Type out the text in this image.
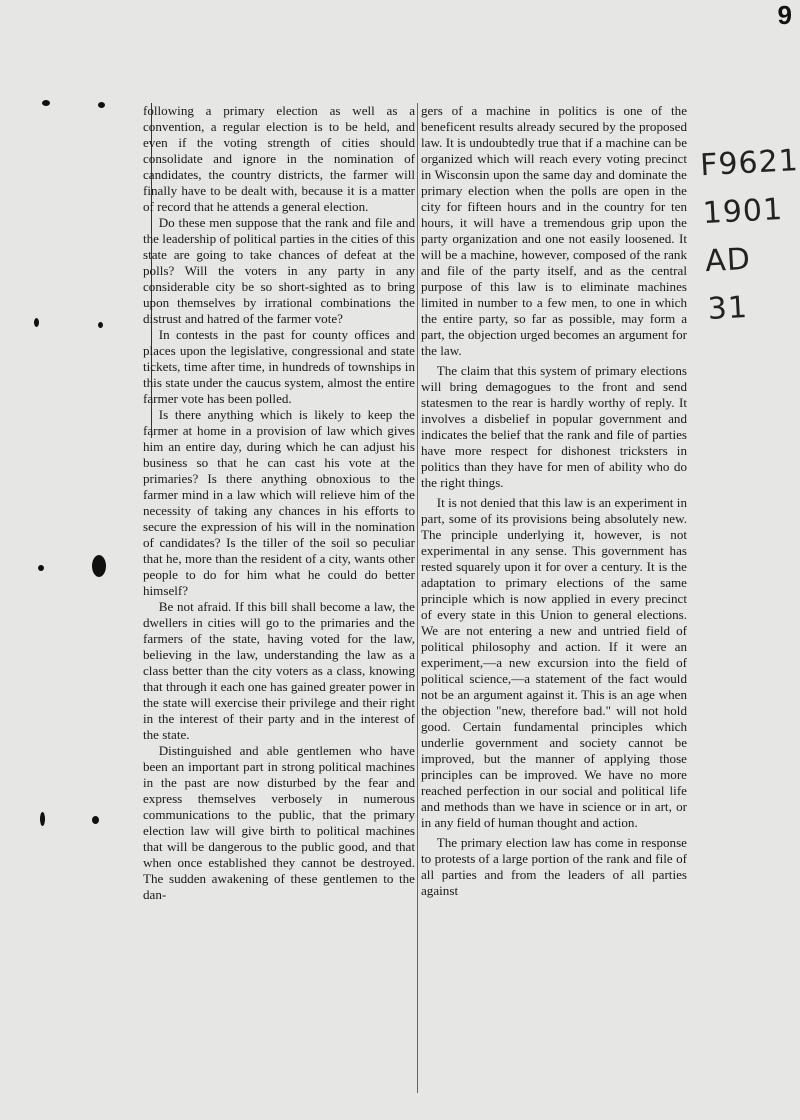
9
F9621
1901
AD
31

following a primary election as well as a convention, a regular election is to be held, and even if the voting strength of cities should consolidate and ignore in the nomination of candidates, the country districts, the farmer will finally have to be dealt with, because it is a matter of record that he attends a general election.

Do these men suppose that the rank and file and the leadership of political parties in the cities of this state are going to take chances of defeat at the polls? Will the voters in any party in any considerable city be so short-sighted as to bring upon themselves by irrational combinations the distrust and hatred of the farmer vote?

In contests in the past for county offices and places upon the legislative, congressional and state tickets, time after time, in hundreds of townships in this state under the caucus system, almost the entire farmer vote has been polled.

Is there anything which is likely to keep the farmer at home in a provision of law which gives him an entire day, during which he can adjust his business so that he can cast his vote at the primaries? Is there anything obnoxious to the farmer mind in a law which will relieve him of the necessity of taking any chances in his efforts to secure the expression of his will in the nomination of candidates? Is the tiller of the soil so peculiar that he, more than the resident of a city, wants other people to do for him what he could do better himself?

Be not afraid. If this bill shall become a law, the dwellers in cities will go to the primaries and the farmers of the state, having voted for the law, believing in the law, understanding the law as a class better than the city voters as a class, knowing that through it each one has gained greater power in the state will exercise their privilege and their right in the interest of their party and in the interest of the state.

Distinguished and able gentlemen who have been an important part in strong political machines in the past are now disturbed by the fear and express themselves verbosely in numerous communications to the public, that the primary election law will give birth to political machines that will be dangerous to the public good, and that when once established they cannot be destroyed. The sudden awakening of these gentlemen to the dan-

gers of a machine in politics is one of the beneficent results already secured by the proposed law. It is undoubtedly true that if a machine can be organized which will reach every voting precinct in Wisconsin upon the same day and dominate the primary election when the polls are open in the city for fifteen hours and in the country for ten hours, it will have a tremendous grip upon the party organization and one not easily loosened. It will be a machine, however, composed of the rank and file of the party itself, and as the central purpose of this law is to eliminate machines limited in number to a few men, to one in which the entire party, so far as possible, may form a part, the objection urged becomes an argument for the law.

The claim that this system of primary elections will bring demagogues to the front and send statesmen to the rear is hardly worthy of reply. It involves a disbelief in popular government and indicates the belief that the rank and file of parties have more respect for dishonest tricksters in politics than they have for men of ability who do the right things.

It is not denied that this law is an experiment in part, some of its provisions being absolutely new. The principle underlying it, however, is not experimental in any sense. This government has rested squarely upon it for over a century. It is the adaptation to primary elections of the same principle which is now applied in every precinct of every state in this Union to general elections. We are not entering a new and untried field of political philosophy and action. If it were an experiment,—a new excursion into the field of political science,—a statement of the fact would not be an argument against it. This is an age when the objection "new, therefore bad." will not hold good. Certain fundamental principles which underlie government and society cannot be improved, but the manner of applying those principles can be improved. We have no more reached perfection in our social and political life and methods than we have in science or in art, or in any field of human thought and action.

The primary election law has come in response to protests of a large portion of the rank and file of all parties and from the leaders of all parties against
